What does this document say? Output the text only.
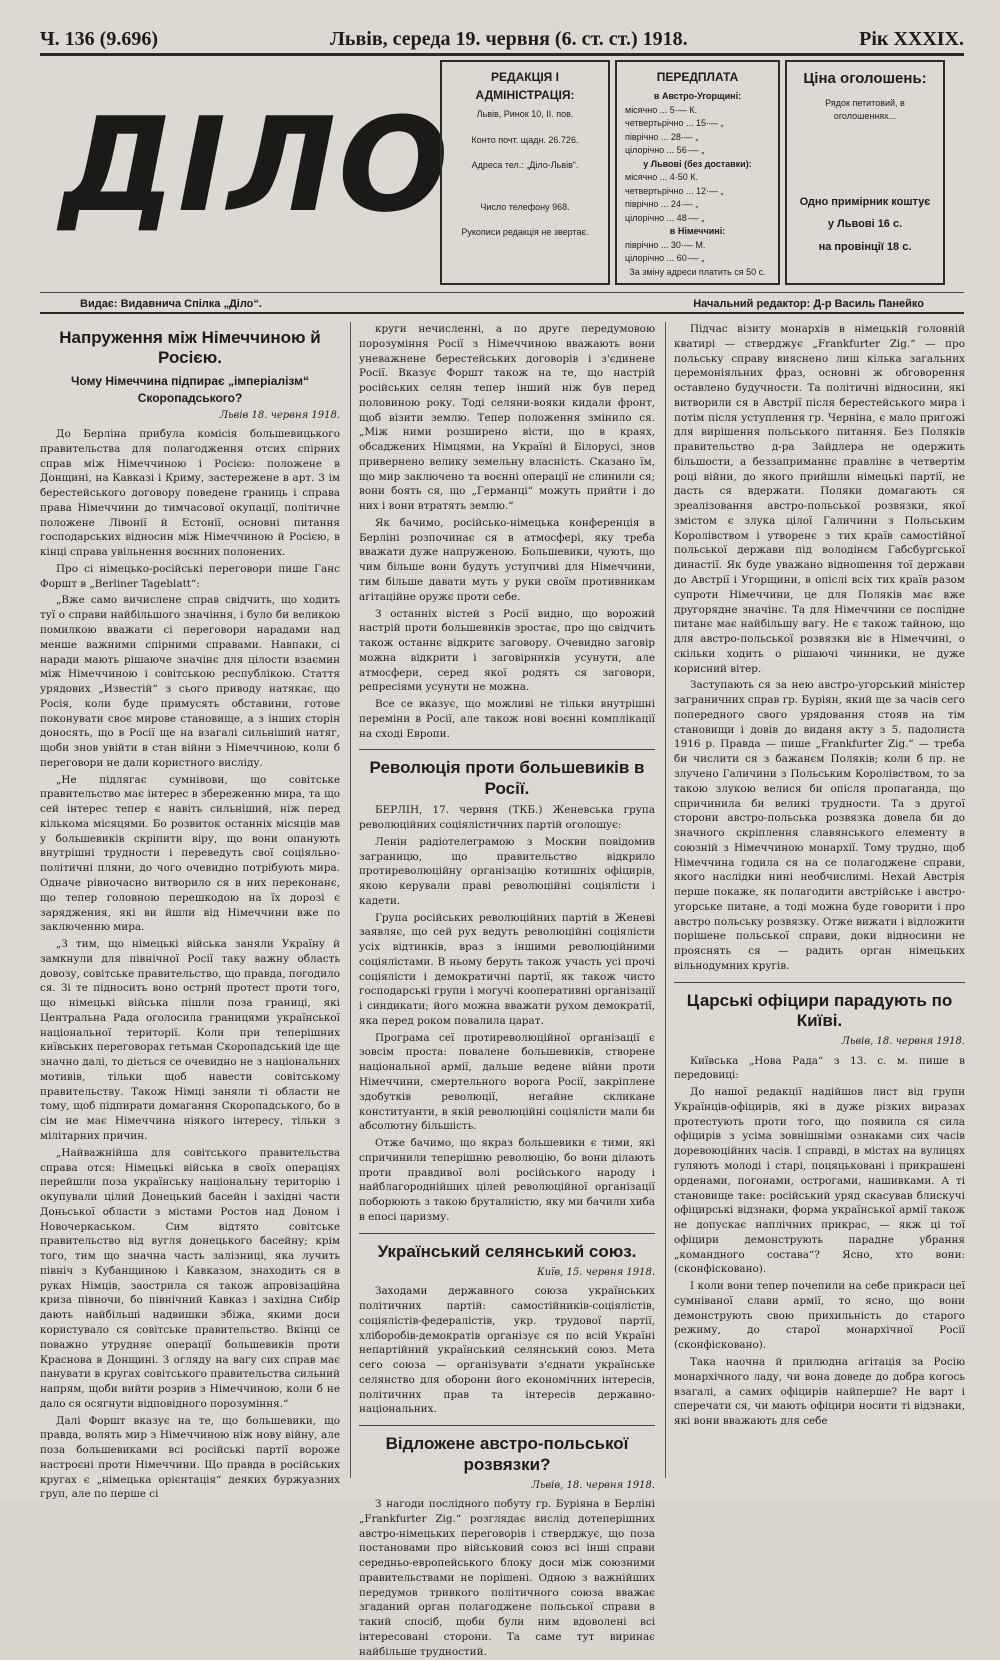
Ч. 136 (9.696)	Львів, середа 19. червня (6. ст. ст.) 1918.	Рік XXXIX.
ДІЛО
РЕДАКЦІЯ І АДМІНІСТРАЦІЯ:
Львів, Ринок 10, II. пов.
Конто почт. щадн. 26.726.
Адреса тел.: „Діло-Львів“.
Число телефону 968.
Рукописи редакція не звертає.
ПЕРЕДПЛАТА
в Австро-Угорщині:
місячно ... 5·— К.
четвертьрічно ... 15·— „
піврічно ... 28·— „
цілорічно ... 56·— „
у Львові (без доставки):
місячно ... 4·50 К.
четвертьрічно ... 12·— „
піврічно ... 24·— „
цілорічно ... 48·— „
в Німеччині:
піврічно ... 30·— М.
цілорічно ... 60·— „
За зміну адреси платить ся 50 с.
Ціна оголошень:
Рядок петитовий, в оголошеннях...
Одно примірник коштує
у Львові 16 с.
на провінції 18 с.
Видає: Видавнича Спілка „Діло“.	Начальний редактор: Д-р Василь Панейко
Напруження між Німеччиною й Росією.
Чому Німеччина підпирає „імперіалізм“ Скоропадського?
Львів 18. червня 1918.

До Берліна прибула комісія большевицького правительства для полагодження отсих спірних справ між Німеччиною і Росією: положене в Донщині, на Кавказі і Криму, застережене в арт. 3 ім берестейського договору поведене границь і справа права Німеччини до тимчасової окупації, політичне положене Лівонії й Естонії, основні питання господарських відносин між Німеччиною й Росією, в кінці справа увільнення воєнних полонених.

Про сі німецько-російські переговори пише Ганс Форшт в „Berliner Tageblatt“:

„Вже само вичислене справ свідчить, що ходить туї о справи найбільшого значіння, і було би великою помилкою вважати сі переговори нарадами над менше важними спірними справами. Навпаки, сі наради мають рішаюче значінє для цілости взаємин між Німеччиною і совітською республікою. Стаття урядових „Известій“ з сього приводу натякає, що Росія, коли буде примусять обставини, готове поконувати своє мирове становище, а з інших сторін доносять, що в Росії ще на взагалі сильніший натяг, щоби знов увійти в стан війни з Німеччиною, коли б переговори не дали користного висліду.

„Не підлягає сумнівови, що совітське правительство має інтерес в збереженню мира, та що сей інтерес тепер є навіть сильніший, ніж перед кількома місяцями. Бо розвиток останніх місяців мав у большевиків скріпити віру, що вони опанують внутрішні трудности і переведуть свої соціяльно-політичні пляни, до чого очевидно потрібують мира. Одначе рівночасно витворило ся в них переконанє, що тепер головною перешкодою на їх дорозі є заряджения, які ви йшли від Німеччини вже по заключенню мира.

„З тим, що німецькі війська заняли Україну й замкнули для північної Росії таку важну область довозу, совітське правительство, що правда, погодило ся. Зі те підносить воно острий протест проти того, що німецькі війська пішли поза границі, які Центральна Рада оголосила границями української національної території. Коли при теперішних київських переговорах гетьман Скоропадський іде ще значно далі, то діється се очевидно не з національних мотивів, тільки щоб навести совітському правительству. Також Німці заняли ті области не тому, щоб підпирати домагання Скоропадського, бо в сім не має Німеччина ніякого інтересу, тільки з мілітарних причин.

„Найважнійша для совітського правительства справа отся: Німецькі війська в своїх операціях перейшли поза українську національну територію і окупували цілий Донецький басейн і західні части Доньської области з містами Ростов над Доном і Новочеркаськом. Сим відтято совітське правительство від вугля донецького басейну; крім того, тим що значна часть залізниці, яка лучить північ з Кубанщиною і Кавказом, знаходить ся в руках Німців, заострила ся також апровізаційна криза півночи, бо північний Кавказ і західна Сибір дають найбільші надвишки збіжа, якими доси користувало ся совітське правительство. Вкінці се поважно утрудняє операції большевиків проти Краснова в Донщині. З огляду на вагу сих справ має панувати в кругах совітського правительства сильний напрям, щоби вийти розрив з Німеччиною, коли б не дало ся осягнути відповідного порозуміння.“

Далі Форшт вказує на те, що большевики, що правда, волять мир з Німеччиною ніж нову війну, але поза большевиками всі російські партії вороже настроєні проти Німеччини. Що правда в російських кругах є „німецька орієнтація“ деяких буржуазних груп, але по перше сі

круги нечисленні, а по друге передумовою порозуміння Росії з Німеччиною вважають вони уневажнене берестейських договорів і з'єдинене Росії. Вказує Форшт також на те, що настрій російських селян тепер інший ніж був перед половиною року. Тоді селяни-вояки кидали фронт, щоб візити землю. Тепер положення змінило ся. „Між ними розширено вісти, що в краях, обсаджених Німцями, на Україні й Білорусі, знов привернено велику земельну власність. Сказано їм, що мир заключено та воєнні операції не слинили ся; вони боять ся, що „Германці“ можуть прийти і до них і вони втратять землю.“

Як бачимо, російсько-німецька конференція в Берліні розпочинає ся в атмосфері, яку треба вважати дуже напруженою. Большевики, чують, що чим більше вони будуть уступчиві для Німеччини, тим більше давати муть у руки своїм противникам агітаційне оружє проти себе.

З останніх вістей з Росії видно, що ворожий настрій проти большевиків зростає, про що свідчить також останнє відкритє заговору. Очевидно заговір можна відкрити і заговірників усунути, але атмосфери, серед якої родять ся заговори, репресіями усунути не можна.

Все се вказує, що можливі не тільки внутрішні переміни в Росії, але також нові воєнні комплікації на сході Европи.

Революція проти большевиків в Росії.

БЕРЛІН, 17. червня (ТКБ.) Женевська група революційних соціялістичних партій оголошує:

Ленін радіотелеграмою з Москви повідомив заграницю, що правительство відкрило протиреволюційну організацію котишніх офіцирів, якою керували праві революційні соціялісти і кадети.

Група російських революційних партій в Женеві заявляє, що сей рух ведуть революційні соціялісти усіх відтинків, враз з іншими революційними соціялістами. В ньому беруть також участь усі прочі соціялісти і демократичні партії, як також чисто господарські групи і могучі кооперативні організації і синдикати; його можна вважати рухом демократії, яка перед роком повалила царат.

Програма сеї протиреволюційної організації є зовсім проста: повалене большевиків, створене національної армії, дальше ведене війни проти Німеччини, смертельного ворога Росії, закріплене здобутків революції, негайне скликане конституанти, в якій революційні соціялісти мали би абсолютну більшість.

Отже бачимо, що якраз большевики є тими, які спричинили теперішню революцію, бо вони ділають проти правдивої волі російського народу і найблагороднійших цілей революційної організації поборюють з такою бруталністю, яку ми бачили хиба в епосі царизму.

Український селянський союз.
Київ, 15. червня 1918.

Заходами державного союза українських політичних партій: самостійників-соціялістів, соціялістів-федералістів, укр. трудової партії, хліборобів-демократів організує ся по всій Україні непартійний український селянський союз. Мета сего союза — організувати з'єднати українське селянство для оборони його економічних інтересів, політичних прав та інтересів державно-національних.

Відложене австро-польської розвязки?
Львів, 18. червня 1918.

З нагоди послідного побуту гр. Буріяна в Берліні „Frankfurter Zig.“ розглядає вислід дотеперішних австро-німецьких переговорів і стверджує, що поза постановами про військовий союз всі інші справи середньо-европейського блоку доси між союзними правительствами не порішені. Одною з важнійших передумов тривкого політичного союза вважає згаданий орган полагоджене польської справи в такий спосіб, щоби були ним вдоволені всі інтересовані сторони. Та саме тут виринає найбільше трудностий.

Підчас візиту монархів в німецькій головній кватирі — стверджує „Frankfurter Zig.“ — про польську справу вияснено лиш кілька загальних церемоніяльних фраз, основні ж обговорення оставлено будучности. Та політичні відносини, які витворили ся в Австрії після берестейського мира і потім після уступлення гр. Черніна, є мало пригожі для вирішення польського питання. Без Поляків правительство д-ра Зайдлера не одержить більшости, а беззаприманнє правлінє в четвертім році війни, до якого прийшли німецькі партії, не дасть ся вдержати. Поляки домагають ся зреалізовання австро-польської розвязки, якої змістом є злука цілої Галичини з Польським Королівством і утворенє з тих країв самостійної польської держави під володінєм Габсбургської династії. Як буде уважано відношення тої держави до Австрії і Угорщини, в опіслі всіх тих країв разом супроти Німеччини, це для Поляків має вже другорядне значінє. Та для Німеччини се послідне питанє має найбільшу вагу. Не є також тайною, що для австро-польської розвязки віє в Німеччині, о скільки ходить о рішаючі чинники, не дуже корисний вітер.

Заступають ся за нею австро-угорський міністер заграничних справ гр. Буріян, який ще за часів сего попередного свого урядовання стояв на тім становищи і довів до виданя акту з 5. падолиста 1916 р. Правда — пише „Frankfurter Zig.“ — треба би числити ся з бажанєм Поляків; коли б пр. не злучено Галичини з Польським Королівством, то за такою злукою велися би опісля пропаганда, що спричинила би великі трудности. Та з другої сторони австро-польська розвязка довела би до значного скріплення славянського елементу в союзній з Німеччиною монархії. Тому трудно, щоб Німеччина годила ся на се полагоджене справи, якого наслідки нині необчислимі. Нехай Австрія перше покаже, як полагодити австрійське і австро-угорське питане, а тоді можна буде говорити і про австро польську розвязку. Отже вижати і відложити порішене польської справи, доки відносини не прояснять ся — радить орган німецьких вільнодумних кругів.

Царські офіцири парадують по Київі.
Львів, 18. червня 1918.

Київська „Нова Рада“ з 13. с. м. пише в передовиці:

До нашої редакції надійшов лист від групи Українців-офіцирів, які в дуже різких виразах протестують проти того, що появила ся сила офіцирів з усіма зовнішніми ознаками сих часів доревоюційних часів. І справді, в містах на вулицях гуляють молоді і старі, поцяцьковані і прикрашені орденами, погонами, острогами, нашивками. А ті становище таке: російський уряд скасував блискучі офіцирські відзнаки, форма української армії також не допускає наплічних прикрас, — якж ці тої офіцири демонструють парадне убрання „командного состава“? Ясно, хто вони: (сконфісковано).

І коли вони тепер почепили на себе прикраси цеї сумніваної слави армії, то ясно, що вони демонструють свою прихильність до старого режиму, до старої монархічної Росії (сконфісковано).

Така наочна й прилюдна агітація за Росію монархічного ладу, чи вона доведе до добра когось взагалі, а самих офіцирів найперше? Не варт і сперечати ся, чи мають офіцири носити ті відзнаки, які вони вважають для себе
